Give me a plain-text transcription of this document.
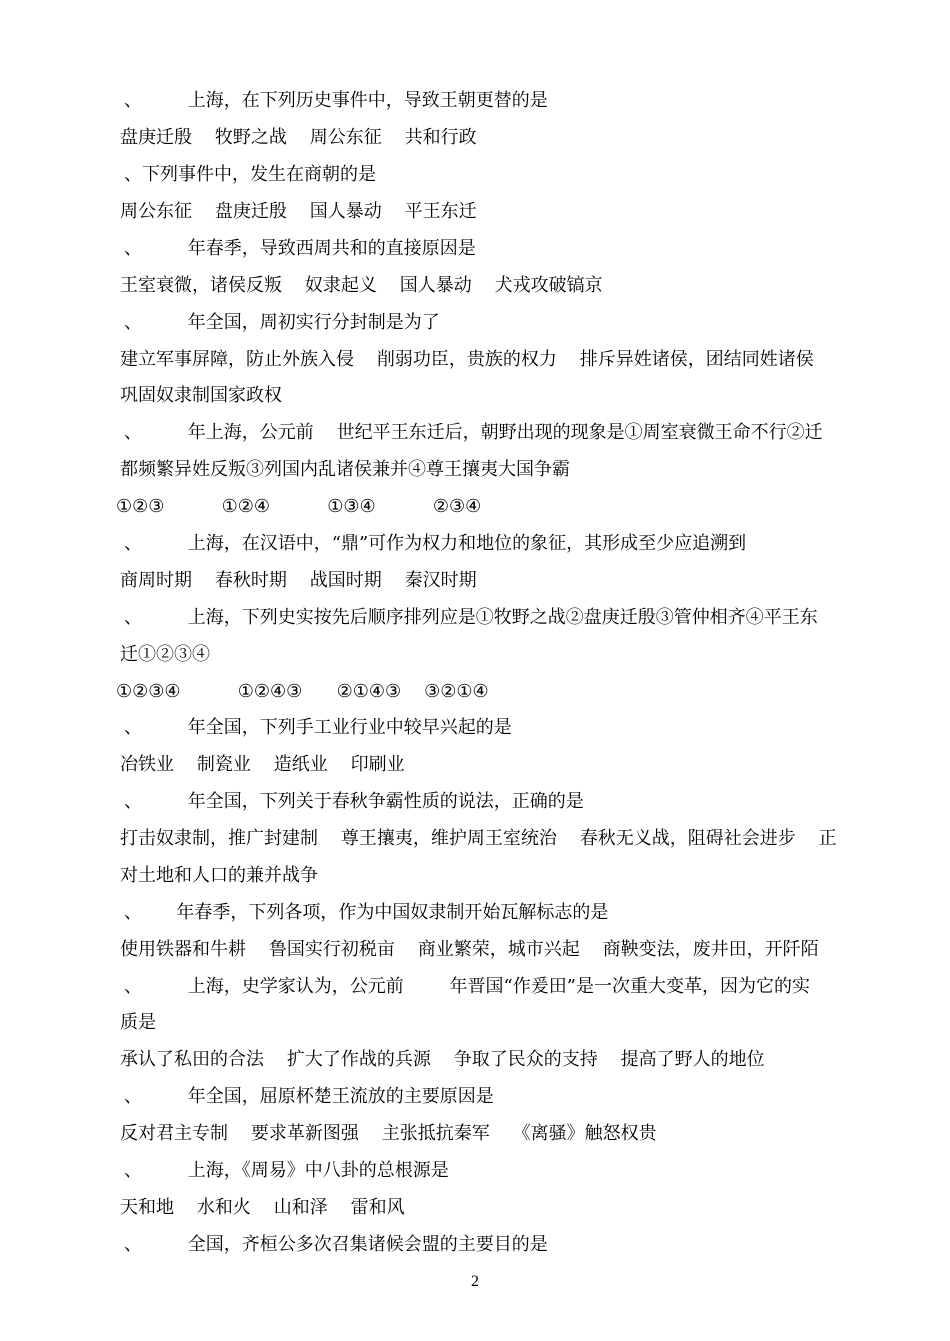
、        上海，在下列历史事件中，导致王朝更替的是
盘庚迁殷    牧野之战    周公东征    共和行政
、下列事件中，发生在商朝的是
周公东征    盘庚迁殷    国人暴动    平王东迁
、        年春季，导致西周共和的直接原因是
王室衰微，诸侯反叛    奴隶起义    国人暴动    犬戎攻破镐京
、        年全国，周初实行分封制是为了
建立军事屏障，防止外族入侵    削弱功臣，贵族的权力    排斥异姓诸侯，团结同姓诸侯
巩固奴隶制国家政权
、        年上海，公元前    世纪平王东迁后，朝野出现的现象是①周室衰微王命不行②迁
都频繁异姓反叛③列国内乱诸侯兼并④尊王攘夷大国争霸
①②③          ①②④          ①③④          ②③④
、        上海，在汉语中，“鼎”可作为权力和地位的象征，其形成至少应追溯到
商周时期    春秋时期    战国时期    秦汉时期
、        上海，下列史实按先后顺序排列应是①牧野之战②盘庚迁殷③管仲相齐④平王东
迁①②③④
①②③④          ①②④③      ②①④③    ③②①④
、        年全国，下列手工业行业中较早兴起的是
冶铁业    制瓷业    造纸业    印刷业
、        年全国，下列关于春秋争霸性质的说法，正确的是
打击奴隶制，推广封建制    尊王攘夷，维护周王室统治    春秋无义战，阻碍社会进步    正
对土地和人口的兼并战争
、      年春季，下列各项，作为中国奴隶制开始瓦解标志的是
使用铁器和牛耕    鲁国实行初税亩    商业繁荣，城市兴起    商鞅变法，废井田，开阡陌
、        上海，史学家认为，公元前        年晋国“作爰田”是一次重大变革，因为它的实
质是
承认了私田的合法    扩大了作战的兵源    争取了民众的支持    提高了野人的地位
、        年全国，屈原杯楚王流放的主要原因是
反对君主专制    要求革新图强    主张抵抗秦军    《离骚》触怒权贵
、        上海，《周易》中八卦的总根源是
天和地    水和火    山和泽    雷和风
、        全国，齐桓公多次召集诸候会盟的主要目的是
2
